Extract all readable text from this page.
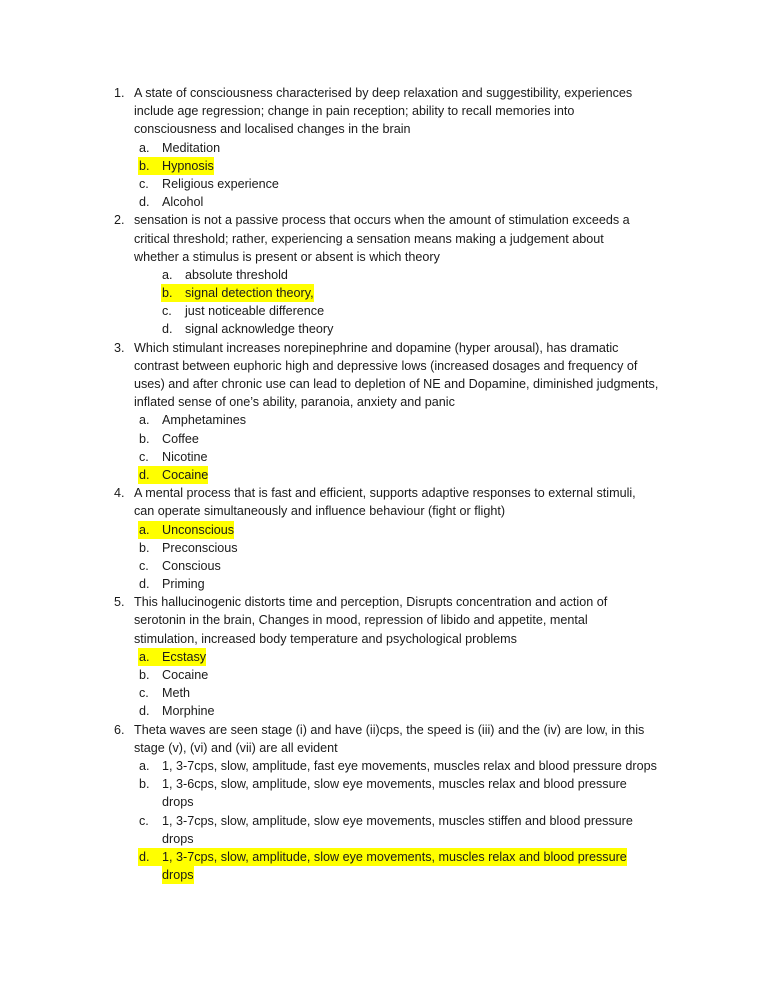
1. A state of consciousness characterised by deep relaxation and suggestibility, experiences
include age regression; change in pain reception; ability to recall memories into
consciousness and localised changes in the brain
a. Meditation
b. Hypnosis
c. Religious experience
d. Alcohol
2. sensation is not a passive process that occurs when the amount of stimulation exceeds a
critical threshold; rather, experiencing a sensation means making a judgement about
whether a stimulus is present or absent is which theory
a. absolute threshold
b. signal detection theory,
c. just noticeable difference
d. signal acknowledge theory
3. Which stimulant increases norepinephrine and dopamine (hyper arousal), has dramatic
contrast between euphoric high and depressive lows (increased dosages and frequency of
uses) and after chronic use can lead to depletion of NE and Dopamine, diminished judgments,
inflated sense of one’s ability, paranoia, anxiety and panic
a. Amphetamines
b. Coffee
c. Nicotine
d. Cocaine
4. A mental process that is fast and efficient, supports adaptive responses to external stimuli,
can operate simultaneously and influence behaviour (fight or flight)
a. Unconscious
b. Preconscious
c. Conscious
d. Priming
5. This hallucinogenic distorts time and perception, Disrupts concentration and action of
serotonin in the brain, Changes in mood, repression of libido and appetite, mental
stimulation, increased body temperature and psychological problems
a. Ecstasy
b. Cocaine
c. Meth
d. Morphine
6. Theta waves are seen stage (i) and have (ii)cps, the speed is (iii) and the (iv) are low, in this
stage (v), (vi) and (vii) are all evident
a. 1, 3-7cps, slow, amplitude, fast eye movements, muscles relax and blood pressure drops
b. 1, 3-6cps, slow, amplitude, slow eye movements, muscles relax and blood pressure
drops
c. 1, 3-7cps, slow, amplitude, slow eye movements, muscles stiffen and blood pressure
drops
d. 1, 3-7cps, slow, amplitude, slow eye movements, muscles relax and blood pressure
drops
